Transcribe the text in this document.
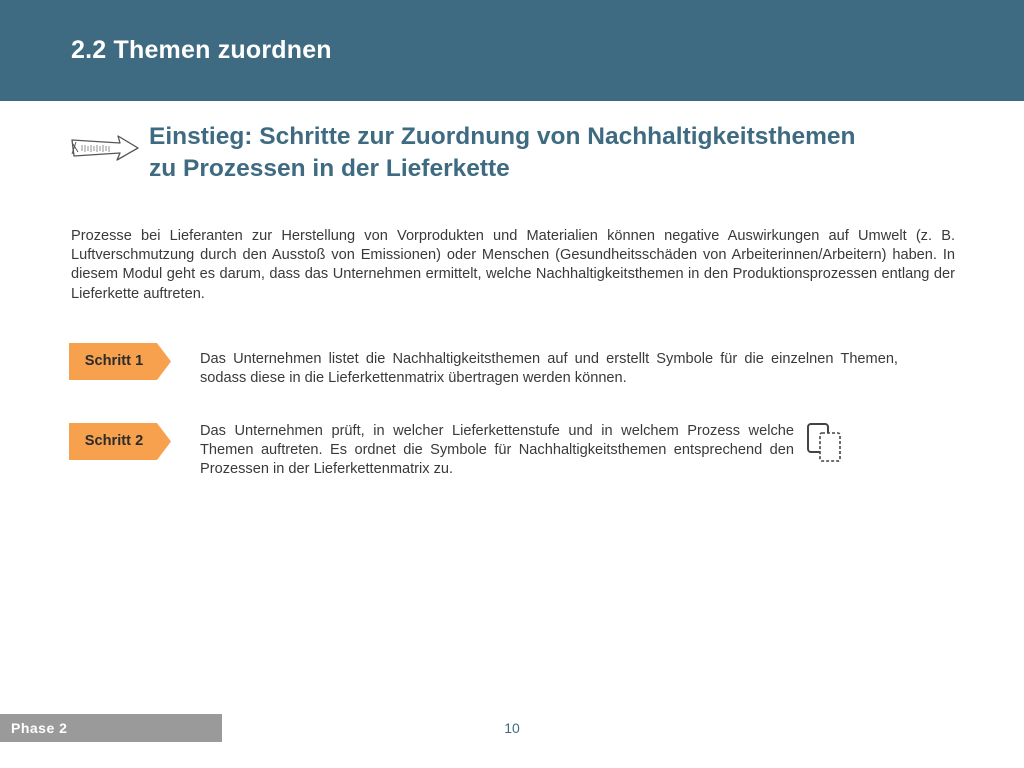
2.2 Themen zuordnen
Einstieg: Schritte zur Zuordnung von Nachhaltigkeitsthemen
zu Prozessen in der Lieferkette
Prozesse bei Lieferanten zur Herstellung von Vorprodukten und Materialien können negative Auswirkungen auf Umwelt (z. B. Luftverschmutzung durch den Ausstoß von Emissionen) oder Menschen (Gesundheitsschäden von Arbeiterinnen/Arbeitern) haben. In diesem Modul geht es darum, dass das Unternehmen ermittelt, welche Nachhaltigkeitsthemen in den Produktionsprozessen entlang der Lieferkette auftreten.
Schritt 1	Das Unternehmen listet die Nachhaltigkeitsthemen auf und erstellt Symbole für die einzelnen Themen, sodass diese in die Lieferkettenmatrix übertragen werden können.
Schritt 2
Das Unternehmen prüft, in welcher Lieferkettenstufe und in welchem Prozess welche Themen auftreten. Es ordnet die Symbole für Nachhaltigkeitsthemen entsprechend den Prozessen in der Lieferkettenmatrix zu.
Phase 2	10
